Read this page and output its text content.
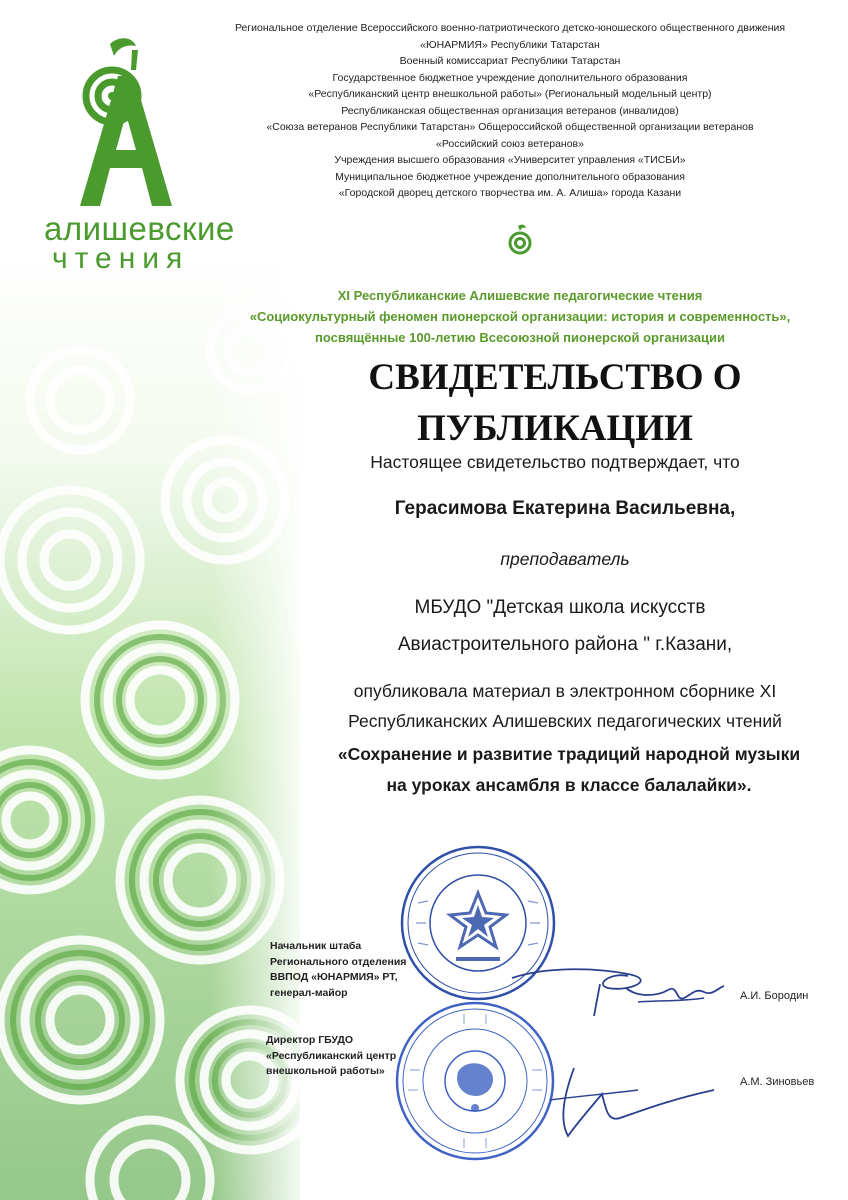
алишевские
чтения
Региональное отделение Всероссийского военно-патриотического детско-юношеского общественного движения
«ЮНАРМИЯ» Республики Татарстан
Военный комиссариат Республики Татарстан
Государственное бюджетное учреждение дополнительного образования
«Республиканский центр внешкольной работы» (Региональный модельный центр)
Республиканская общественная организация ветеранов (инвалидов)
«Союза ветеранов Республики Татарстан» Общероссийской общественной организации ветеранов
«Российский союз ветеранов»
Учреждения высшего образования «Университет управления «ТИСБИ»
Муниципальное бюджетное учреждение дополнительного образования
«Городской дворец детского творчества им. А. Алиша» города Казани
XI Республиканские Алишевские педагогические чтения
«Социокультурный феномен пионерской организации: история и современность»,
посвящённые 100-летию Всесоюзной пионерской организации
СВИДЕТЕЛЬСТВО О ПУБЛИКАЦИИ
Настоящее свидетельство подтверждает, что
Герасимова Екатерина Васильевна,
преподаватель
МБУДО "Детская школа искусств
Авиастроительного района " г.Казани,
опубликовала материал в электронном сборнике XI
Республиканских Алишевских педагогических чтений
«Сохранение и развитие традиций народной музыки
на уроках ансамбля в классе балалайки».
Начальник штаба
Регионального отделения
ВВПОД «ЮНАРМИЯ» РТ,
генерал-майор
Директор ГБУДО
«Республиканский центр
внешкольной работы»
А.И. Бородин
А.М. Зиновьев
